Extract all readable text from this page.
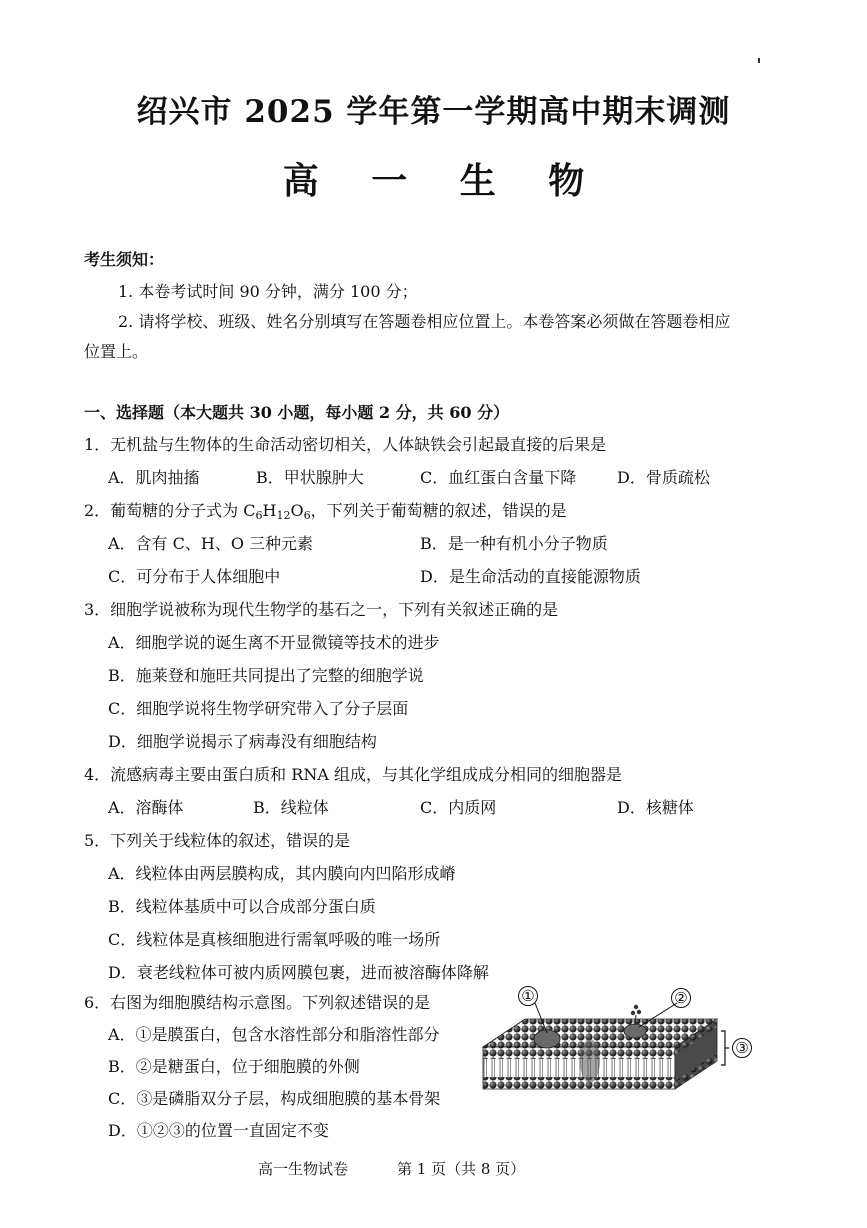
绍兴市 2025 学年第一学期高中期末调测
高 一 生 物
考生须知：
1. 本卷考试时间 90 分钟，满分 100 分；
2. 请将学校、班级、姓名分别填写在答题卷相应位置上。本卷答案必须做在答题卷相应
位置上。
一、选择题（本大题共 30 小题，每小题 2 分，共 60 分）
1．无机盐与生物体的生命活动密切相关，人体缺铁会引起最直接的后果是
A．肌肉抽搐	B．甲状腺肿大	C．血红蛋白含量下降	D．骨质疏松
2．葡萄糖的分子式为 $C_6H_{12}O_6$，下列关于葡萄糖的叙述，错误的是
A．含有 C、H、O 三种元素	B．是一种有机小分子物质
C．可分布于人体细胞中	D．是生命活动的直接能源物质
3．细胞学说被称为现代生物学的基石之一，下列有关叙述正确的是
A．细胞学说的诞生离不开显微镜等技术的进步
B．施莱登和施旺共同提出了完整的细胞学说
C．细胞学说将生物学研究带入了分子层面
D．细胞学说揭示了病毒没有细胞结构
4．流感病毒主要由蛋白质和 RNA 组成，与其化学组成成分相同的细胞器是
A．溶酶体	B．线粒体	C．内质网	D．核糖体
5．下列关于线粒体的叙述，错误的是
A．线粒体由两层膜构成，其内膜向内凹陷形成嵴
B．线粒体基质中可以合成部分蛋白质
C．线粒体是真核细胞进行需氧呼吸的唯一场所
D．衰老线粒体可被内质网膜包裹，进而被溶酶体降解
6．右图为细胞膜结构示意图。下列叙述错误的是
A．①是膜蛋白，包含水溶性部分和脂溶性部分
B．②是糖蛋白，位于细胞膜的外侧
C．③是磷脂双分子层，构成细胞膜的基本骨架
D．①②③的位置一直固定不变
①	②
③
高一生物试卷	第 1 页（共 8 页）
